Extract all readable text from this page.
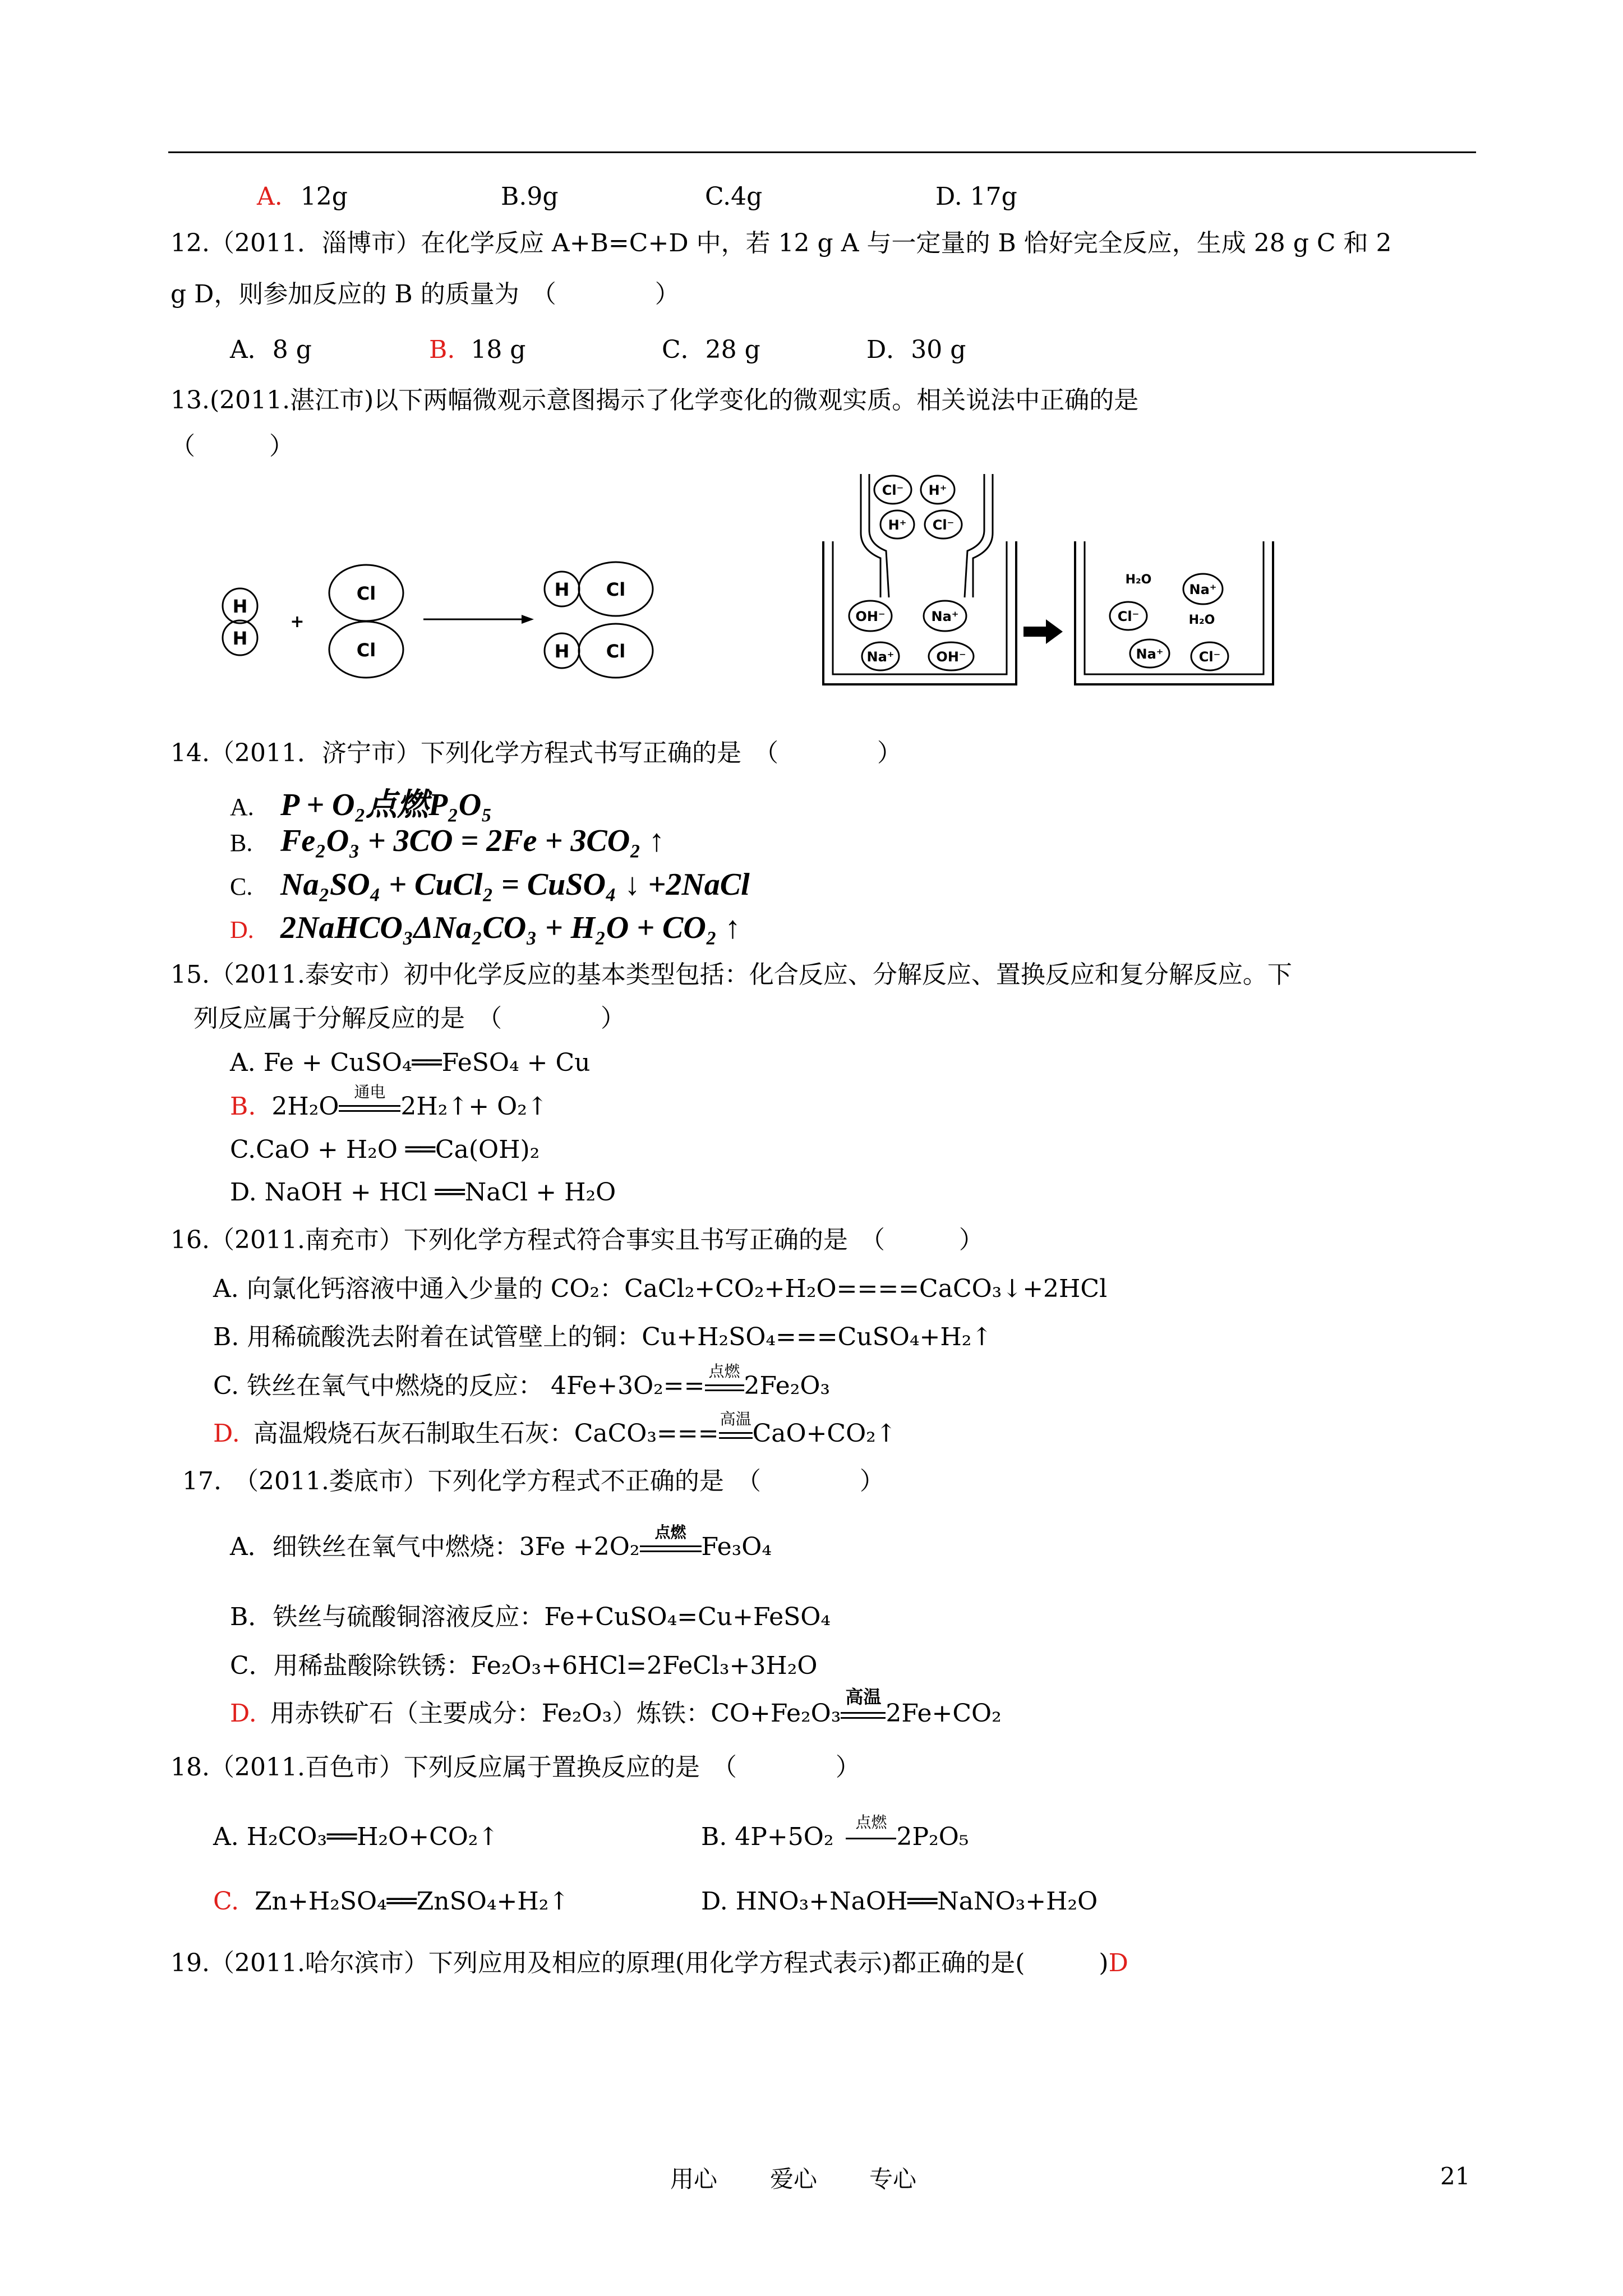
A. 12g	B.9g	C.4g	D. 17g
12.（2011．淄博市）在化学反应 A+B=C+D 中，若 12 g A 与一定量的 B 恰好完全反应，生成 28 g C 和 2
g D，则参加反应的 B 的质量为　（　　　　）
A．8 g	B. 18 g	C．28 g	D．30 g
13.(2011.湛江市)以下两幅微观示意图揭示了化学变化的微观实质。相关说法中正确的是
（　　　）
H
H
+
Cl
Cl
H Cl
H Cl
Cl⁻ H⁺
H⁺ Cl⁻
OH⁻	Na⁺
Na⁺	OH⁻
H₂O
Na⁺
Cl⁻	H₂O
Na⁺	Cl⁻
14.（2011．济宁市）下列化学方程式书写正确的是　（　　　　）
A. P + O₂点燃P₂O₅
B. Fe₂O₃ + 3CO = 2Fe + 3CO₂ ↑
C. Na₂SO₄ + CuCl₂ = CuSO₄ ↓ +2NaCl
D. 2NaHCO₃ΔNa₂CO₃ + H₂O + CO₂ ↑
15.（2011.泰安市）初中化学反应的基本类型包括：化合反应、分解反应、置换反应和复分解反应。下
列反应属于分解反应的是　（　　　　）
A. Fe + CuSO₄══FeSO₄ + Cu
B. 2H₂O
通电
2H₂↑+ O₂↑
C.CaO + H₂O ══Ca(OH)₂
D. NaOH + HCl ══NaCl + H₂O
16.（2011.南充市）下列化学方程式符合事实且书写正确的是　（　　　）
A. 向氯化钙溶液中通入少量的 CO₂：CaCl₂+CO₂+H₂O====CaCO₃↓+2HCl
B. 用稀硫酸洗去附着在试管壁上的铜：Cu+H₂SO₄===CuSO₄+H₂↑
C. 铁丝在氧气中燃烧的反应： 4Fe+3O₂==
点燃
2Fe₂O₃
D. 高温煅烧石灰石制取生石灰：CaCO₃===
高温
CaO+CO₂↑
17.　（2011.娄底市）下列化学方程式不正确的是　（　　　　）
A．细铁丝在氧气中燃烧：3Fe +2O₂
点燃
Fe₃O₄
B．铁丝与硫酸铜溶液反应：Fe+CuSO₄=Cu+FeSO₄
C．用稀盐酸除铁锈：Fe₂O₃+6HCl=2FeCl₃+3H₂O
D. 用赤铁矿石（主要成分：Fe₂O₃）炼铁：CO+Fe₂O₃
高温
2Fe+CO₂
18.（2011.百色市）下列反应属于置换反应的是　（　　　　）
A. H₂CO₃══H₂O+CO₂↑	B. 4P+5O₂
点燃
2P₂O₅
C. Zn+H₂SO₄══ZnSO₄+H₂↑	D. HNO₃+NaOH══NaNO₃+H₂O
19.（2011.哈尔滨市）下列应用及相应的原理(用化学方程式表示)都正确的是(　　　)D
用心 爱心 专心	21
